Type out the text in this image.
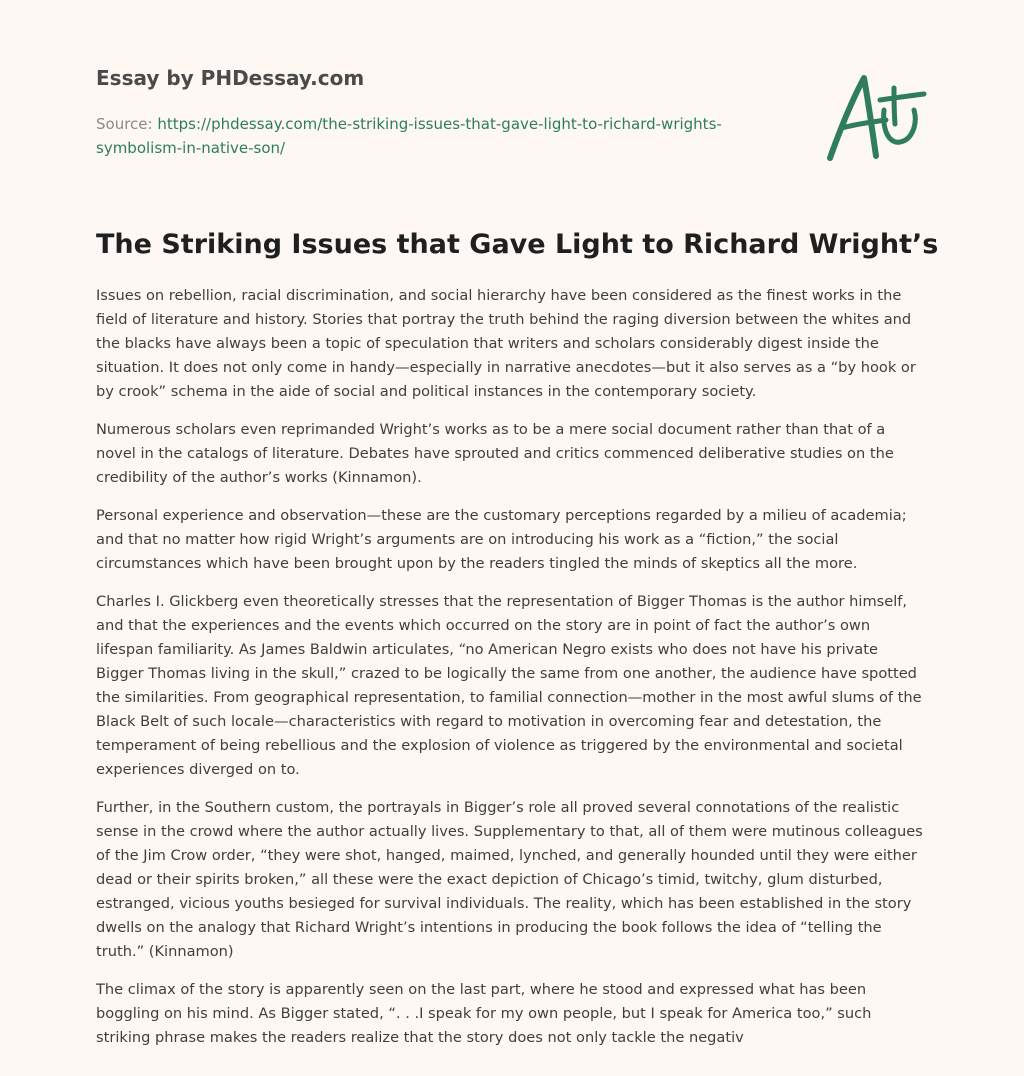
Essay by PHDessay.com
Source: https://phdessay.com/the-striking-issues-that-gave-light-to-richard-wrights-symbolism-in-native-son/
The Striking Issues that Gave Light to Richard Wright’s

Issues on rebellion, racial discrimination, and social hierarchy have been considered as the finest works in the field of literature and history. Stories that portray the truth behind the raging diversion between the whites and the blacks have always been a topic of speculation that writers and scholars considerably digest inside the situation. It does not only come in handy—especially in narrative anecdotes—but it also serves as a “by hook or by crook” schema in the aide of social and political instances in the contemporary society.

Numerous scholars even reprimanded Wright’s works as to be a mere social document rather than that of a novel in the catalogs of literature. Debates have sprouted and critics commenced deliberative studies on the credibility of the author’s works (Kinnamon).

Personal experience and observation—these are the customary perceptions regarded by a milieu of academia; and that no matter how rigid Wright’s arguments are on introducing his work as a “fiction,” the social circumstances which have been brought upon by the readers tingled the minds of skeptics all the more.

Charles I. Glickberg even theoretically stresses that the representation of Bigger Thomas is the author himself, and that the experiences and the events which occurred on the story are in point of fact the author’s own lifespan familiarity. As James Baldwin articulates, “no American Negro exists who does not have his private Bigger Thomas living in the skull,” crazed to be logically the same from one another, the audience have spotted the similarities. From geographical representation, to familial connection—mother in the most awful slums of the Black Belt of such locale—characteristics with regard to motivation in overcoming fear and detestation, the temperament of being rebellious and the explosion of violence as triggered by the environmental and societal experiences diverged on to.

Further, in the Southern custom, the portrayals in Bigger’s role all proved several connotations of the realistic sense in the crowd where the author actually lives. Supplementary to that, all of them were mutinous colleagues of the Jim Crow order, “they were shot, hanged, maimed, lynched, and generally hounded until they were either dead or their spirits broken,” all these were the exact depiction of Chicago’s timid, twitchy, glum disturbed, estranged, vicious youths besieged for survival individuals. The reality, which has been established in the story dwells on the analogy that Richard Wright’s intentions in producing the book follows the idea of “telling the truth.” (Kinnamon)

The climax of the story is apparently seen on the last part, where he stood and expressed what has been boggling on his mind. As Bigger stated, “. . .I speak for my own people, but I speak for America too,” such striking phrase makes the readers realize that the story does not only tackle the negativ
